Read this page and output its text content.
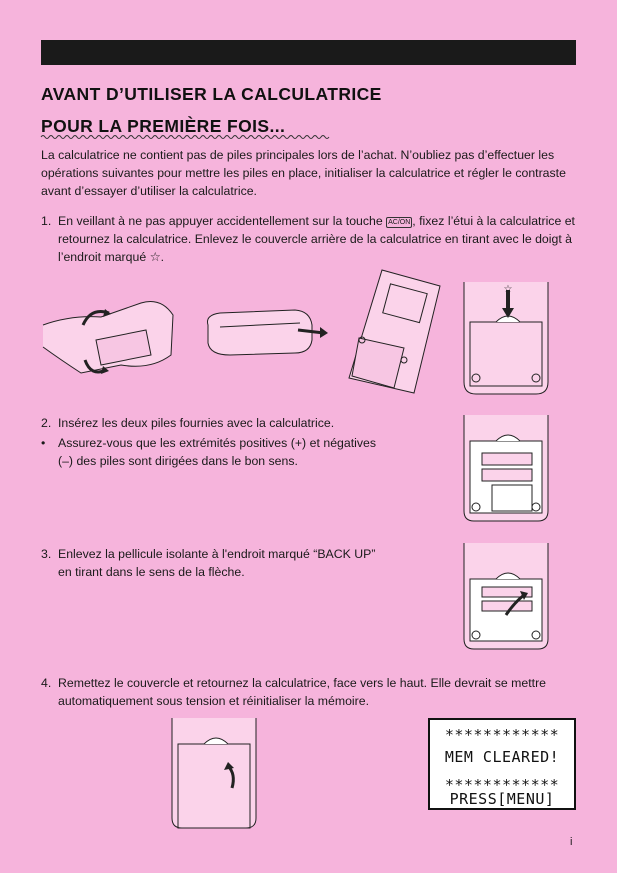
AVANT D’UTILISER LA CALCULATRICE
POUR LA PREMIÈRE FOIS...

La calculatrice ne contient pas de piles principales lors de l’achat. N’oubliez pas d’effectuer les opérations suivantes pour mettre les piles en place, initialiser la calculatrice et régler le contraste avant d’essayer d’utiliser la calculatrice.

1. En veillant à ne pas appuyer accidentellement sur la touche AC/ON , fixez l’étui à la calculatrice et retournez la calculatrice. Enlevez le couvercle arrière de la calculatrice en tirant avec le doigt à l’endroit marqué ☆.

☆
2. Insérez les deux piles fournies avec la calculatrice.

• Assurez-vous que les extrémités positives (+) et négatives (–) des piles sont dirigées dans le bon sens.

3. Enlevez la pellicule isolante à l'endroit marqué “BACK UP” en tirant dans le sens de la flèche.

4. Remettez le couvercle et retournez la calculatrice, face vers le haut. Elle devrait se mettre automatiquement sous tension et réinitialiser la mémoire.

∗∗∗∗∗∗∗∗∗∗∗∗
MEM CLEARED!
∗∗∗∗∗∗∗∗∗∗∗∗
PRESS[MENU]
i
